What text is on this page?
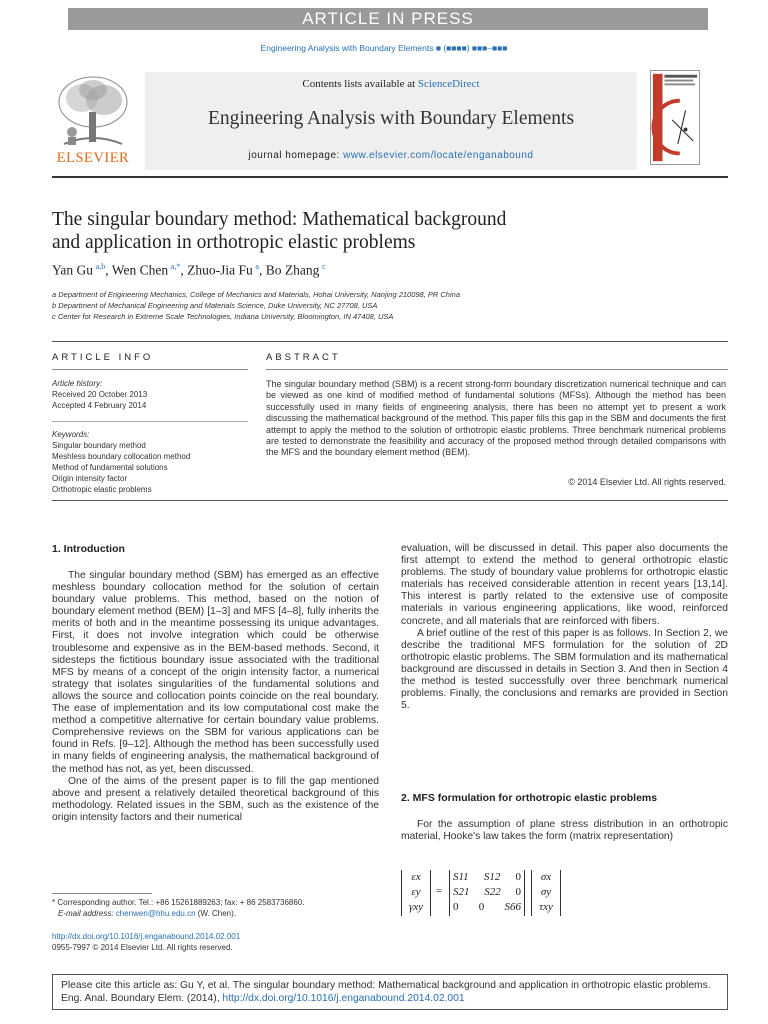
ARTICLE IN PRESS
Engineering Analysis with Boundary Elements ■ (■■■■) ■■■–■■■
ELSEVIER
Contents lists available at ScienceDirect
Engineering Analysis with Boundary Elements
journal homepage: www.elsevier.com/locate/enganabound
The singular boundary method: Mathematical background
and application in orthotropic elastic problems
Yan Gu  $^{a,b}$, Wen Chen  $^{a,*}$, Zhuo-Jia Fu  $^a$, Bo Zhang  $^c$
a Department of Engineering Mechanics, College of Mechanics and Materials, Hohai University, Nanjing 210098, PR China
b Department of Mechanical Engineering and Materials Science, Duke University, NC 27708, USA
c Center for Research in Extreme Scale Technologies, Indiana University, Bloomington, IN 47408, USA
ARTICLE INFO
Article history:
Received 20 October 2013
Accepted 4 February 2014
Keywords:
Singular boundary method
Meshless boundary collocation method
Method of fundamental solutions
Origin intensity factor
Orthotropic elastic problems
ABSTRACT
The singular boundary method (SBM) is a recent strong-form boundary discretization numerical technique and can be viewed as one kind of modified method of fundamental solutions (MFSs). Although the method has been successfully used in many fields of engineering analysis, there has been no attempt yet to present a work discussing the mathematical background of the method. This paper fills this gap in the SBM and documents the first attempt to apply the method to the solution of orthotropic elastic problems. Three benchmark numerical problems are tested to demonstrate the feasibility and accuracy of the proposed method through detailed comparisons with the MFS and the boundary element method (BEM).
© 2014 Elsevier Ltd. All rights reserved.
1. Introduction

The singular boundary method (SBM) has emerged as an effective meshless boundary collocation method for the solution of certain boundary value problems. This method, based on the notion of boundary element method (BEM) [1–3] and MFS [4–8], fully inherits the merits of both and in the meantime possessing its unique advantages. First, it does not involve integration which could be otherwise troublesome and expensive as in the BEM-based methods. Second, it sidesteps the fictitious boundary issue associated with the traditional MFS by means of a concept of the origin intensity factor, a numerical strategy that isolates singularities of the fundamental solutions and allows the source and collocation points coincide on the real boundary. The ease of implementation and its low computational cost make the method a competitive alternative for certain boundary value problems. Comprehensive reviews on the SBM for various applications can be found in Refs. [9–12]. Although the method has been successfully used in many fields of engineering analysis, the mathematical background of the method has not, as yet, been discussed.

One of the aims of the present paper is to fill the gap mentioned above and present a relatively detailed theoretical background of this methodology. Related issues in the SBM, such as the existence of the origin intensity factors and their numerical

evaluation, will be discussed in detail. This paper also documents the first attempt to extend the method to general orthotropic elastic problems. The study of boundary value problems for orthotropic elastic materials has received considerable attention in recent years [13,14]. This interest is partly related to the extensive use of composite materials in various engineering applications, like wood, reinforced concrete, and all materials that are reinforced with fibers.

A brief outline of the rest of this paper is as follows. In Section 2, we describe the traditional MFS formulation for the solution of 2D orthotropic elastic problems. The SBM formulation and its mathematical background are discussed in details in Section 3. And then in Section 4 the method is tested successfully over three benchmark numerical problems. Finally, the conclusions and remarks are provided in Section 5.

2. MFS formulation for orthotropic elastic problems

For the assumption of plane stress distribution in an orthotropic material, Hooke's law takes the form (matrix representation)

εx
εy
γxy
=
S11 S12 0
S21 S22 0
0 0 S66
σx
σy
τxy
* Corresponding author. Tel.: +86 15261889263; fax: + 86 2583736860.
E-mail address: chenwen@hhu.edu.cn (W. Chen).
http://dx.doi.org/10.1016/j.enganabound.2014.02.001
0955-7997 © 2014 Elsevier Ltd. All rights reserved.
Please cite this article as: Gu Y, et al. The singular boundary method: Mathematical background and application in orthotropic elastic problems. Eng. Anal. Boundary Elem. (2014), http://dx.doi.org/10.1016/j.enganabound.2014.02.001
